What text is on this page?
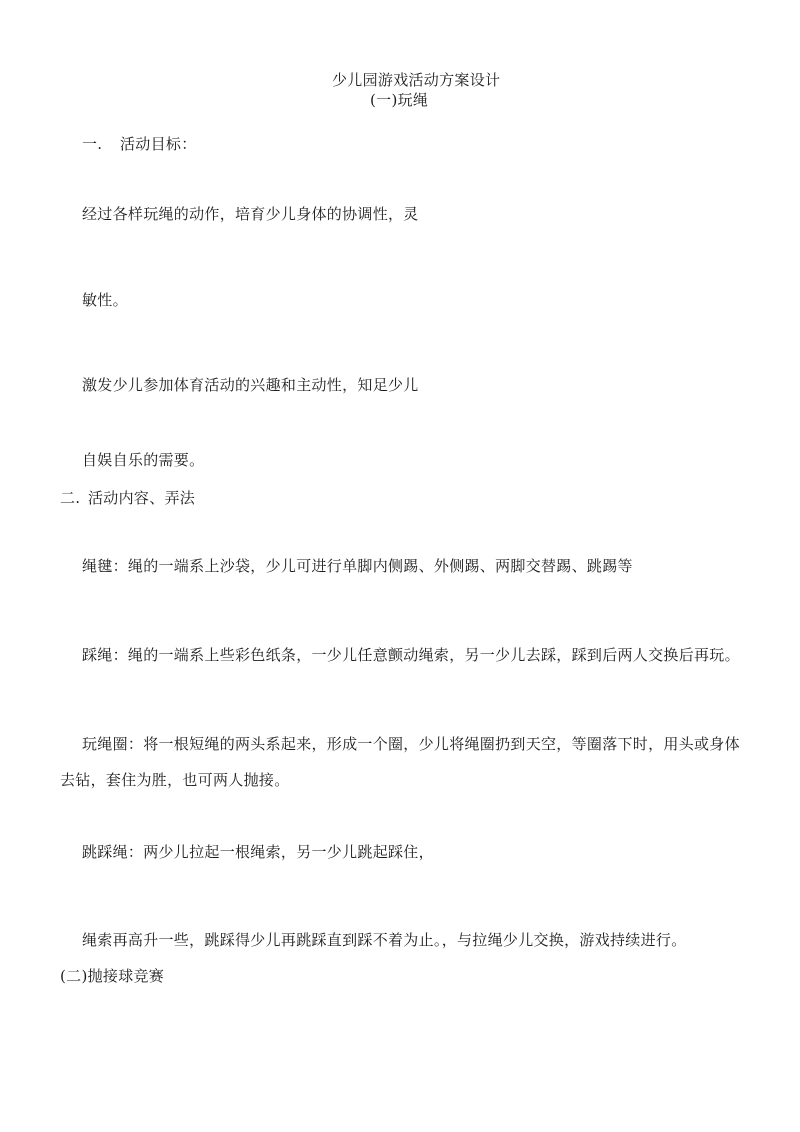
少儿园游戏活动方案设计
(一)玩绳
一. 活动目标：
经过各样玩绳的动作，培育少儿身体的协调性，灵
敏性。
激发少儿参加体育活动的兴趣和主动性，知足少儿
自娱自乐的需要。
二. 活动内容、弄法
绳毽：绳的一端系上沙袋，少儿可进行单脚内侧踢、外侧踢、两脚交替踢、跳踢等
踩绳：绳的一端系上些彩色纸条，一少儿任意颤动绳索，另一少儿去踩，踩到后两人交换后再玩。
玩绳圈：将一根短绳的两头系起来，形成一个圈，少儿将绳圈扔到天空，等圈落下时，用头或身体
去钻，套住为胜，也可两人抛接。
跳踩绳：两少儿拉起一根绳索，另一少儿跳起踩住，
绳索再高升一些，跳踩得少儿再跳踩直到踩不着为止。，与拉绳少儿交换，游戏持续进行。
(二)抛接球竞赛
